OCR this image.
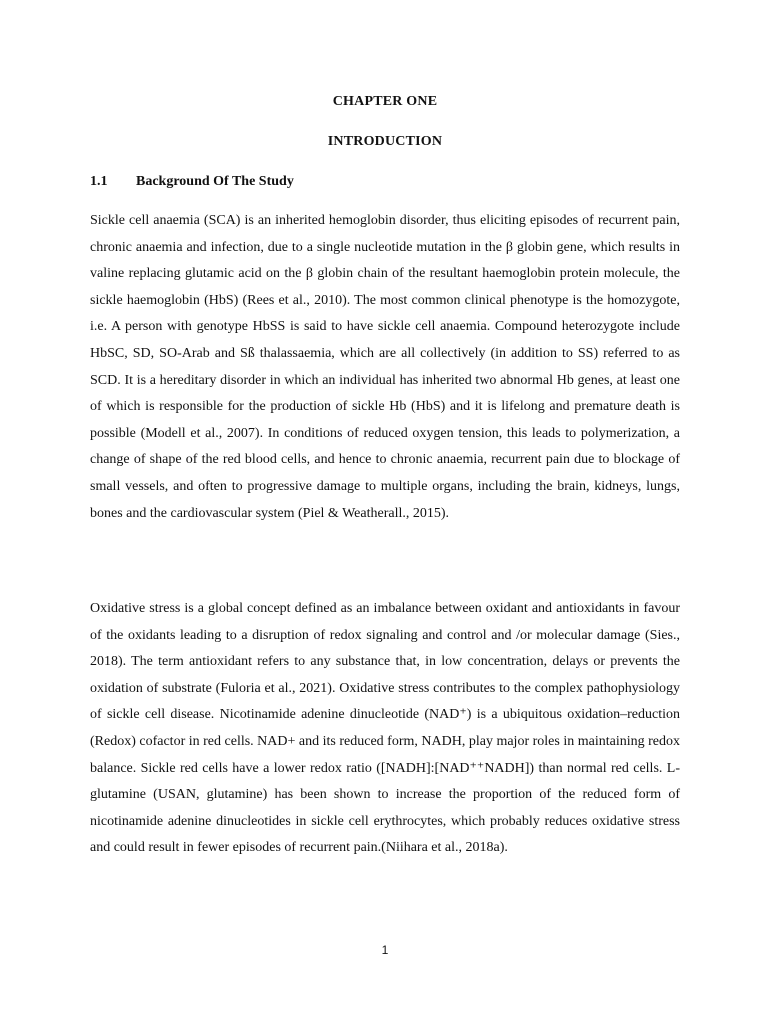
CHAPTER ONE
INTRODUCTION
1.1 Background Of The Study

Sickle cell anaemia (SCA) is an inherited hemoglobin disorder, thus eliciting episodes of recurrent pain, chronic anaemia and infection, due to a single nucleotide mutation in the β globin gene, which results in valine replacing glutamic acid on the β globin chain of the resultant haemoglobin protein molecule, the sickle haemoglobin (HbS) (Rees et al., 2010). The most common clinical phenotype is the homozygote, i.e. A person with genotype HbSS is said to have sickle cell anaemia. Compound heterozygote include HbSC, SD, SO-Arab and Sß thalassaemia, which are all collectively (in addition to SS) referred to as SCD. It is a hereditary disorder in which an individual has inherited two abnormal Hb genes, at least one of which is responsible for the production of sickle Hb (HbS) and it is lifelong and premature death is possible (Modell et al., 2007). In conditions of reduced oxygen tension, this leads to polymerization, a change of shape of the red blood cells, and hence to chronic anaemia, recurrent pain due to blockage of small vessels, and often to progressive damage to multiple organs, including the brain, kidneys, lungs, bones and the cardiovascular system (Piel & Weatherall., 2015).

Oxidative stress is a global concept defined as an imbalance between oxidant and antioxidants in favour of the oxidants leading to a disruption of redox signaling and control and /or molecular damage (Sies., 2018). The term antioxidant refers to any substance that, in low concentration, delays or prevents the oxidation of substrate (Fuloria et al., 2021). Oxidative stress contributes to the complex pathophysiology of sickle cell disease. Nicotinamide adenine dinucleotide (NAD⁺) is a ubiquitous oxidation–reduction (Redox) cofactor in red cells. NAD+ and its reduced form, NADH, play major roles in maintaining redox balance. Sickle red cells have a lower redox ratio ([NADH]:[NAD⁺⁺NADH]) than normal red cells. L-glutamine (USAN, glutamine) has been shown to increase the proportion of the reduced form of nicotinamide adenine dinucleotides in sickle cell erythrocytes, which probably reduces oxidative stress and could result in fewer episodes of recurrent pain.(Niihara et al., 2018a).

1
